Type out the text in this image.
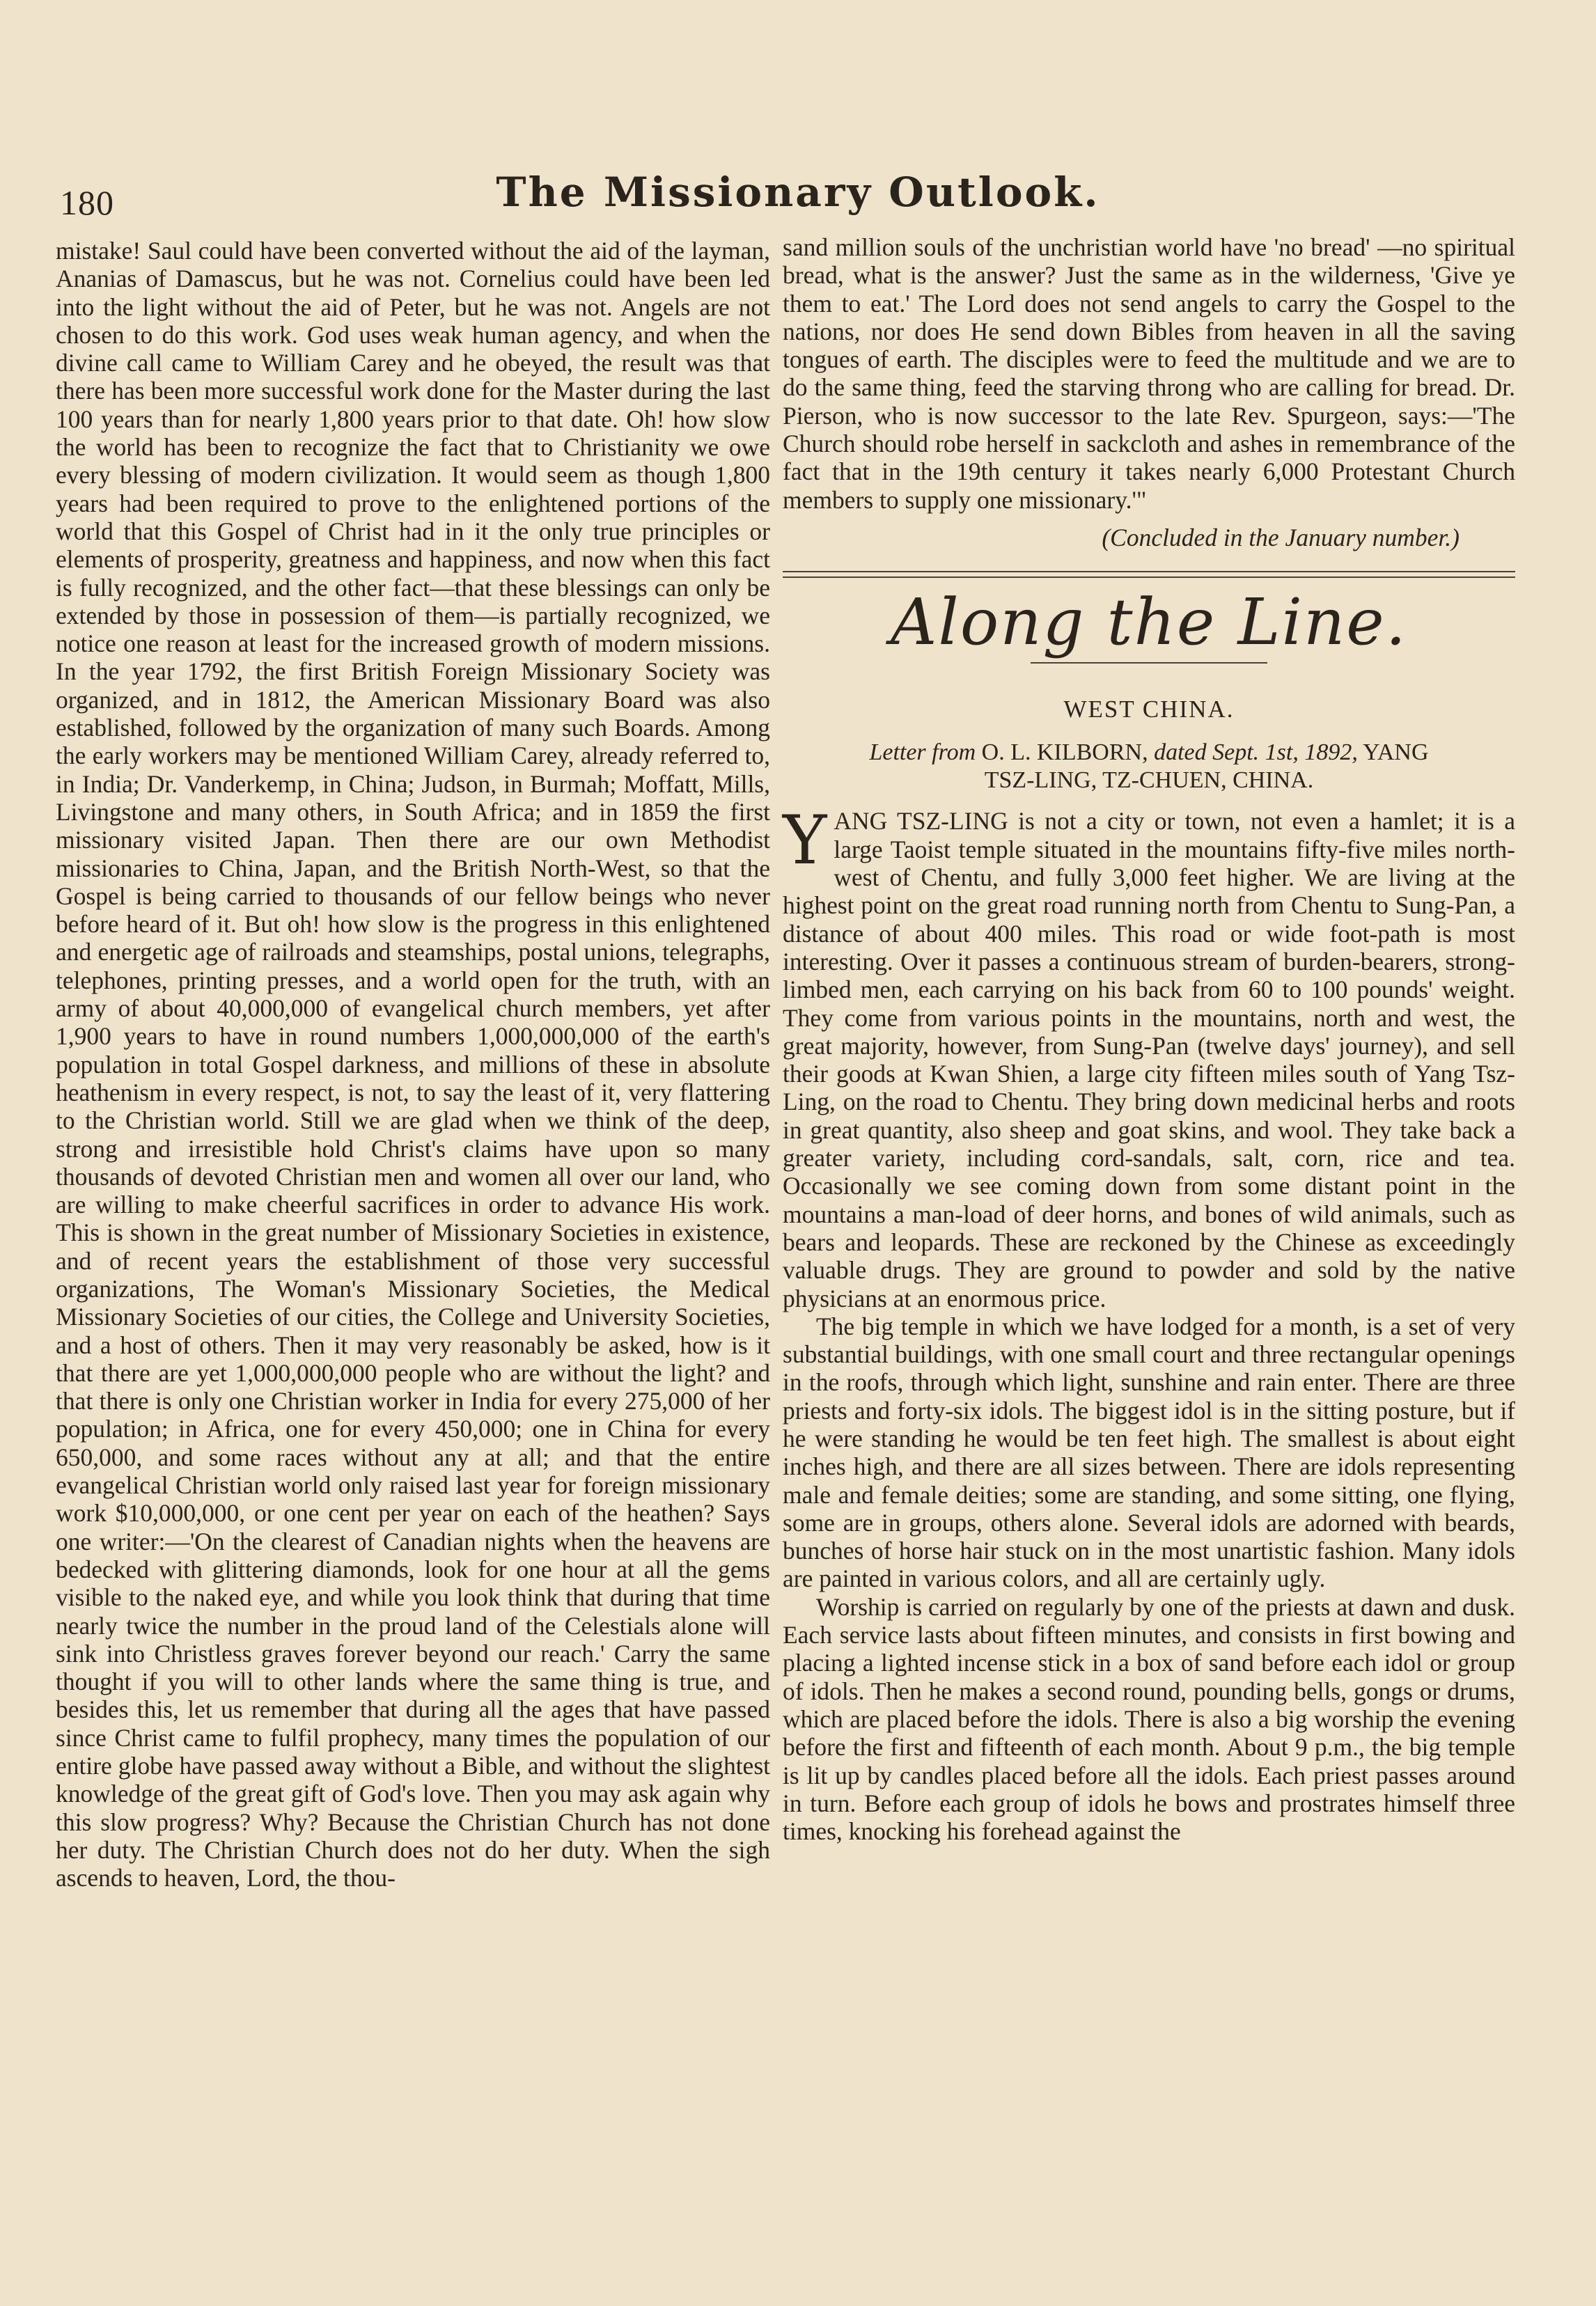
180	The Missionary Outlook.

mistake! Saul could have been converted without the aid of the layman, Ananias of Damascus, but he was not. Cornelius could have been led into the light without the aid of Peter, but he was not. Angels are not chosen to do this work. God uses weak human agency, and when the divine call came to William Carey and he obeyed, the result was that there has been more successful work done for the Master during the last 100 years than for nearly 1,800 years prior to that date. Oh! how slow the world has been to recognize the fact that to Christianity we owe every blessing of modern civilization. It would seem as though 1,800 years had been required to prove to the enlightened portions of the world that this Gospel of Christ had in it the only true principles or elements of prosperity, greatness and happiness, and now when this fact is fully recognized, and the other fact—that these blessings can only be extended by those in possession of them—is partially recognized, we notice one reason at least for the increased growth of modern missions. In the year 1792, the first British Foreign Missionary Society was organized, and in 1812, the American Missionary Board was also established, followed by the organization of many such Boards. Among the early workers may be mentioned William Carey, already referred to, in India; Dr. Vanderkemp, in China; Judson, in Burmah; Moffatt, Mills, Livingstone and many others, in South Africa; and in 1859 the first missionary visited Japan. Then there are our own Methodist missionaries to China, Japan, and the British North-West, so that the Gospel is being carried to thousands of our fellow beings who never before heard of it. But oh! how slow is the progress in this enlightened and energetic age of railroads and steamships, postal unions, telegraphs, telephones, printing presses, and a world open for the truth, with an army of about 40,000,000 of evangelical church members, yet after 1,900 years to have in round numbers 1,000,000,000 of the earth's population in total Gospel darkness, and millions of these in absolute heathenism in every respect, is not, to say the least of it, very flattering to the Christian world. Still we are glad when we think of the deep, strong and irresistible hold Christ's claims have upon so many thousands of devoted Christian men and women all over our land, who are willing to make cheerful sacrifices in order to advance His work. This is shown in the great number of Missionary Societies in existence, and of recent years the establishment of those very successful organizations, The Woman's Missionary Societies, the Medical Missionary Societies of our cities, the College and University Societies, and a host of others. Then it may very reasonably be asked, how is it that there are yet 1,000,000,000 people who are without the light? and that there is only one Christian worker in India for every 275,000 of her population; in Africa, one for every 450,000; one in China for every 650,000, and some races without any at all; and that the entire evangelical Christian world only raised last year for foreign missionary work $10,000,000, or one cent per year on each of the heathen? Says one writer:—'On the clearest of Canadian nights when the heavens are bedecked with glittering diamonds, look for one hour at all the gems visible to the naked eye, and while you look think that during that time nearly twice the number in the proud land of the Celestials alone will sink into Christless graves forever beyond our reach.' Carry the same thought if you will to other lands where the same thing is true, and besides this, let us remember that during all the ages that have passed since Christ came to fulfil prophecy, many times the population of our entire globe have passed away without a Bible, and without the slightest knowledge of the great gift of God's love. Then you may ask again why this slow progress? Why? Because the Christian Church has not done her duty. The Christian Church does not do her duty. When the sigh ascends to heaven, Lord, the thou-

sand million souls of the unchristian world have 'no bread' —no spiritual bread, what is the answer? Just the same as in the wilderness, 'Give ye them to eat.' The Lord does not send angels to carry the Gospel to the nations, nor does He send down Bibles from heaven in all the saving tongues of earth. The disciples were to feed the multitude and we are to do the same thing, feed the starving throng who are calling for bread. Dr. Pierson, who is now successor to the late Rev. Spurgeon, says:—'The Church should robe herself in sackcloth and ashes in remembrance of the fact that in the 19th century it takes nearly 6,000 Protestant Church members to supply one missionary.'"

(Concluded in the January number.)

Along the Line.

WEST CHINA.

Letter from O. L. KILBORN, dated Sept. 1st, 1892, YANG
TSZ-LING, TZ-CHUEN, CHINA.

YANG TSZ-LING is not a city or town, not even a hamlet; it is a large Taoist temple situated in the mountains fifty-five miles north-west of Chentu, and fully 3,000 feet higher. We are living at the highest point on the great road running north from Chentu to Sung-Pan, a distance of about 400 miles. This road or wide foot-path is most interesting. Over it passes a continuous stream of burden-bearers, strong-limbed men, each carrying on his back from 60 to 100 pounds' weight. They come from various points in the mountains, north and west, the great majority, however, from Sung-Pan (twelve days' journey), and sell their goods at Kwan Shien, a large city fifteen miles south of Yang Tsz-Ling, on the road to Chentu. They bring down medicinal herbs and roots in great quantity, also sheep and goat skins, and wool. They take back a greater variety, including cord-sandals, salt, corn, rice and tea. Occasionally we see coming down from some distant point in the mountains a man-load of deer horns, and bones of wild animals, such as bears and leopards. These are reckoned by the Chinese as exceedingly valuable drugs. They are ground to powder and sold by the native physicians at an enormous price.

The big temple in which we have lodged for a month, is a set of very substantial buildings, with one small court and three rectangular openings in the roofs, through which light, sunshine and rain enter. There are three priests and forty-six idols. The biggest idol is in the sitting posture, but if he were standing he would be ten feet high. The smallest is about eight inches high, and there are all sizes between. There are idols representing male and female deities; some are standing, and some sitting, one flying, some are in groups, others alone. Several idols are adorned with beards, bunches of horse hair stuck on in the most unartistic fashion. Many idols are painted in various colors, and all are certainly ugly.

Worship is carried on regularly by one of the priests at dawn and dusk. Each service lasts about fifteen minutes, and consists in first bowing and placing a lighted incense stick in a box of sand before each idol or group of idols. Then he makes a second round, pounding bells, gongs or drums, which are placed before the idols. There is also a big worship the evening before the first and fifteenth of each month. About 9 p.m., the big temple is lit up by candles placed before all the idols. Each priest passes around in turn. Before each group of idols he bows and prostrates himself three times, knocking his forehead against the
